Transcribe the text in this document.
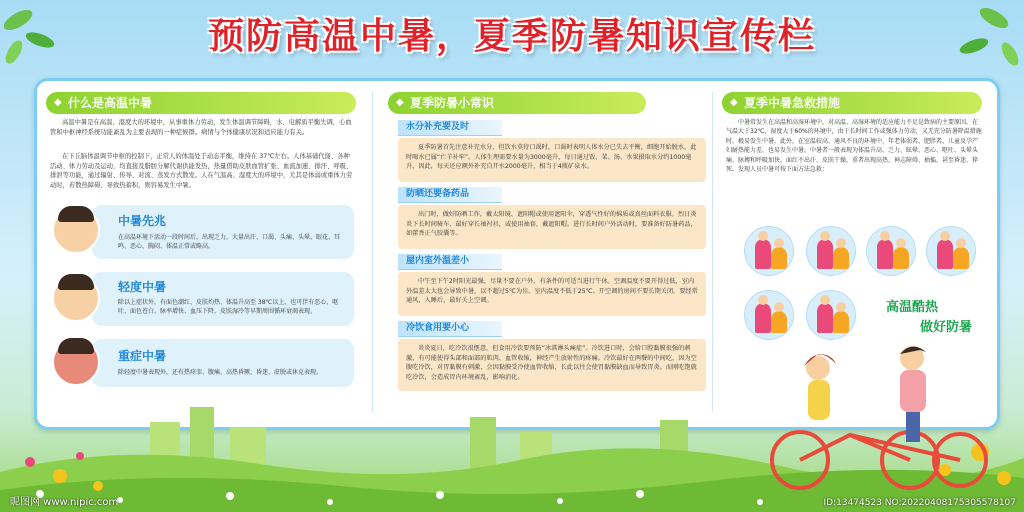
预防高温中暑，夏季防暑知识宣传栏
◆ 什么是高温中暑
高温中暑是在高温、湿度大的环境中，从事重体力劳动，发生体温调节障碍，水、电解质平衡失调，心血管和中枢神经系统功能紊乱为主要表现的一种症候群。病情与个体健康状况和适应能力有关。
在下丘脑体温调节中枢的控制下，正常人的体温处于动态平衡，维持在 37℃左右。人体基础代谢、各种活动、体力劳动及运动，均直接及脂肪分解代谢供能发热，热量借助皮肤血管扩张、血流加速、排汗、呼吸、排泄等功能，通过辐射、传导、对流、蒸发方式散发。人在气温高、湿度大的环境中，尤其是体弱或重体力劳动时，若散热障碍、导致热蓄积，则容易发生中暑。
中暑先兆
在高温环境下活动一段时间后，出现乏力、大量出汗、口渴、头痛、头晕、眼花、耳鸣、恶心、胸闷、体温正常或略高。
轻度中暑
除以上症状外，有面色潮红、皮肤灼热、体温升高至 38℃以上，也可伴有恶心、呕吐、面色苍白、脉率增快、血压下降、皮肤湿冷等早期周围循环衰竭表现。
重症中暑
除轻度中暑表现外，还有热痉挛、腹痛、高热昏厥、昏迷、虚脱或休克表现。
◆ 夏季防暑小常识
水分补充要及时
夏季防暑首先注意补充水分，但饮水莫待口渴时，口渴时表明人体水分已失去平衡，细胞开始脱水，此时喝水已属“亡羊补牢”。人体生理需要水量为3000毫升，每日通过饭、菜、汤、水果摄取水分约1000毫升，因此，每天还应额外补充自开水2000毫升，相当于4瓶矿泉水。
防晒还要备药品
出门时，做好防晒工作，戴太阳镜、遮阳帽或使用遮阳伞，穿透气性好的棉质或真丝面料衣服。烈日炎炎下长时间骑车，最好穿长袖衬衫，或使用袖套，戴遮阳帽。进行长时间户外活动时，要准备好防暑药品，如藿香正气胶囊等。
屋内室外温差小
中午至下午2时阳光最强，尽量不要在户外，有条件的可适当进行午休。空调温度不要开得过低，室内外温差太大也会导致中暑，以不超过5℃为佳。室内温度不低于25℃。开空调的房间不要长期关闭，要经常通风，入睡后，最好关上空调。
冷饮食用要小心
炎炎夏日，吃冷饮很惬意，但食用冷饮要预防“冰淇淋头痛症”。冷饮进口时，会给口腔黏膜很强的刺激，有可能使得头部和面部的肌肉、血管收缩，神经产生放射性的疼痛。冷饮最好在两餐的中间吃，因为空腹吃冷饮，对胃黏膜有刺激，会因黏膜受冷使血管收缩，长此以往会使胃黏膜缺血而导致胃炎。而刚吃饱就吃冷饮，会造成胃内环境紊乱，影响消化。
◆ 夏季中暑急救措施
中暑常发生在高温和高湿环境中，对高温、高湿环境的适应能力不足是致病的主要原因。在气温大于32℃、湿度大于60%的环境中，由于长时间工作或强体力劳动，又无充分防暑降温措施时，极易发生中暑。此外，在室温较高、通风不良的环境中，年老体弱者、肥胖者、儿童及孕产妇耐热能力差，也易发生中暑。中暑者一般表现为体温升高、乏力、眩晕、恶心、呕吐、头晕头痛、脉搏和呼吸加快，面红不出汗、皮肤干燥，重者出现高热、神志障碍、抽搐，甚至昏迷、猝死。发现人员中暑可按下面方法急救：
高温酷热
做好防暑
昵图网 www.nipic.com	ID:13474523 NO:20220408175305578107
